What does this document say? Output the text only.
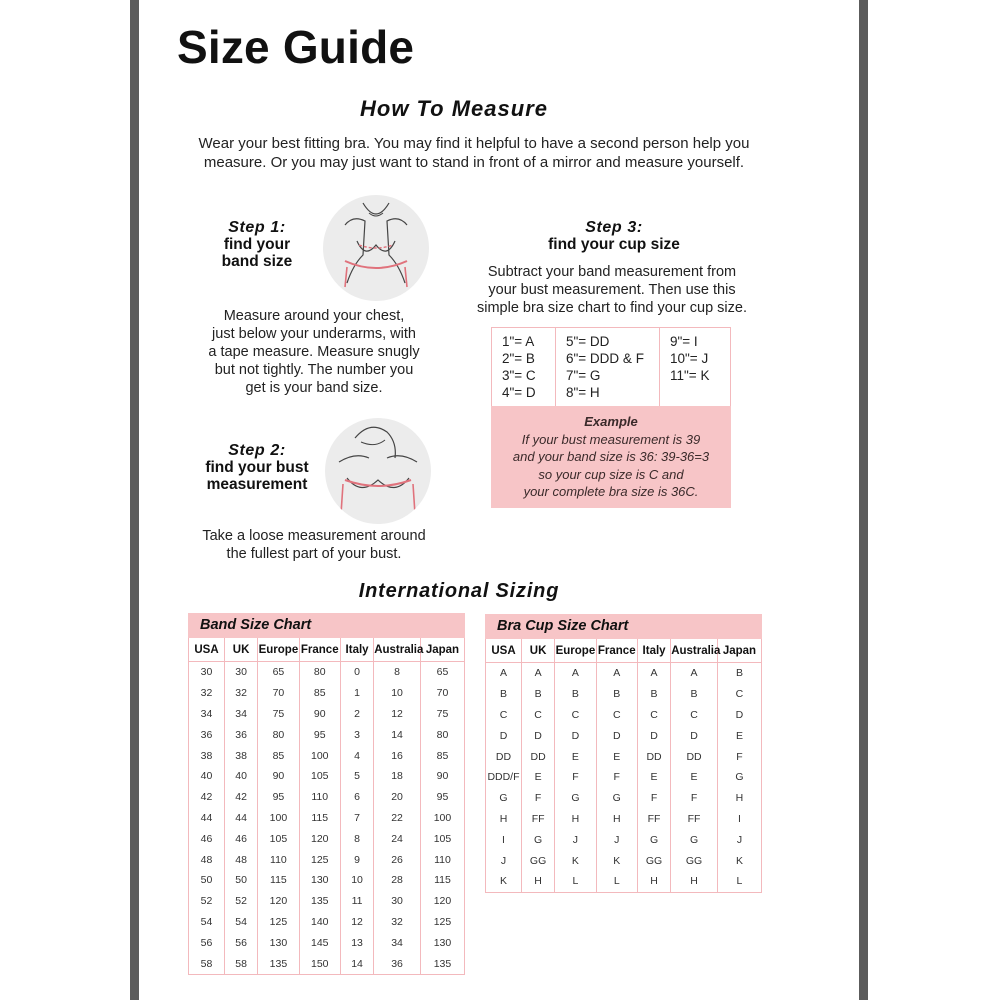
Size Guide
How To Measure
Wear your best fitting bra. You may find it helpful to have a second person help you
measure. Or you may just want to stand in front of a mirror and measure yourself.
Step 1:
find your
band size
Measure around your chest,
just below your underarms, with
a tape measure. Measure snugly
but not tightly. The number you
get is your band size.
Step 2:
find your bust
measurement
Take a loose measurement around
the fullest part of your bust.
Step 3:
find your cup size
Subtract your band measurement from
your bust measurement. Then use this
simple bra size chart to find your cup size.
1"= A
2"= B
3"= C
4"= D
5"= DD
6"= DDD & F
7"= G
8"= H
9"= I
10"= J
11"= K
Example
If your bust measurement is 39
and your band size is 36: 39-36=3
so your cup size is C and
your complete bra size is 36C.
International Sizing
Band Size Chart
USA	UK	Europe	France	Italy	Australia	Japan
30	30	65	80	0	8	65
32	32	70	85	1	10	70
34	34	75	90	2	12	75
36	36	80	95	3	14	80
38	38	85	100	4	16	85
40	40	90	105	5	18	90
42	42	95	110	6	20	95
44	44	100	115	7	22	100
46	46	105	120	8	24	105
48	48	110	125	9	26	110
50	50	115	130	10	28	115
52	52	120	135	11	30	120
54	54	125	140	12	32	125
56	56	130	145	13	34	130
58	58	135	150	14	36	135
Bra Cup Size Chart
USA	UK	Europe	France	Italy	Australia	Japan
A	A	A	A	A	A	B
B	B	B	B	B	B	C
C	C	C	C	C	C	D
D	D	D	D	D	D	E
DD	DD	E	E	DD	DD	F
DDD/F	E	F	F	E	E	G
G	F	G	G	F	F	H
H	FF	H	H	FF	FF	I
I	G	J	J	G	G	J
J	GG	K	K	GG	GG	K
K	H	L	L	H	H	L
